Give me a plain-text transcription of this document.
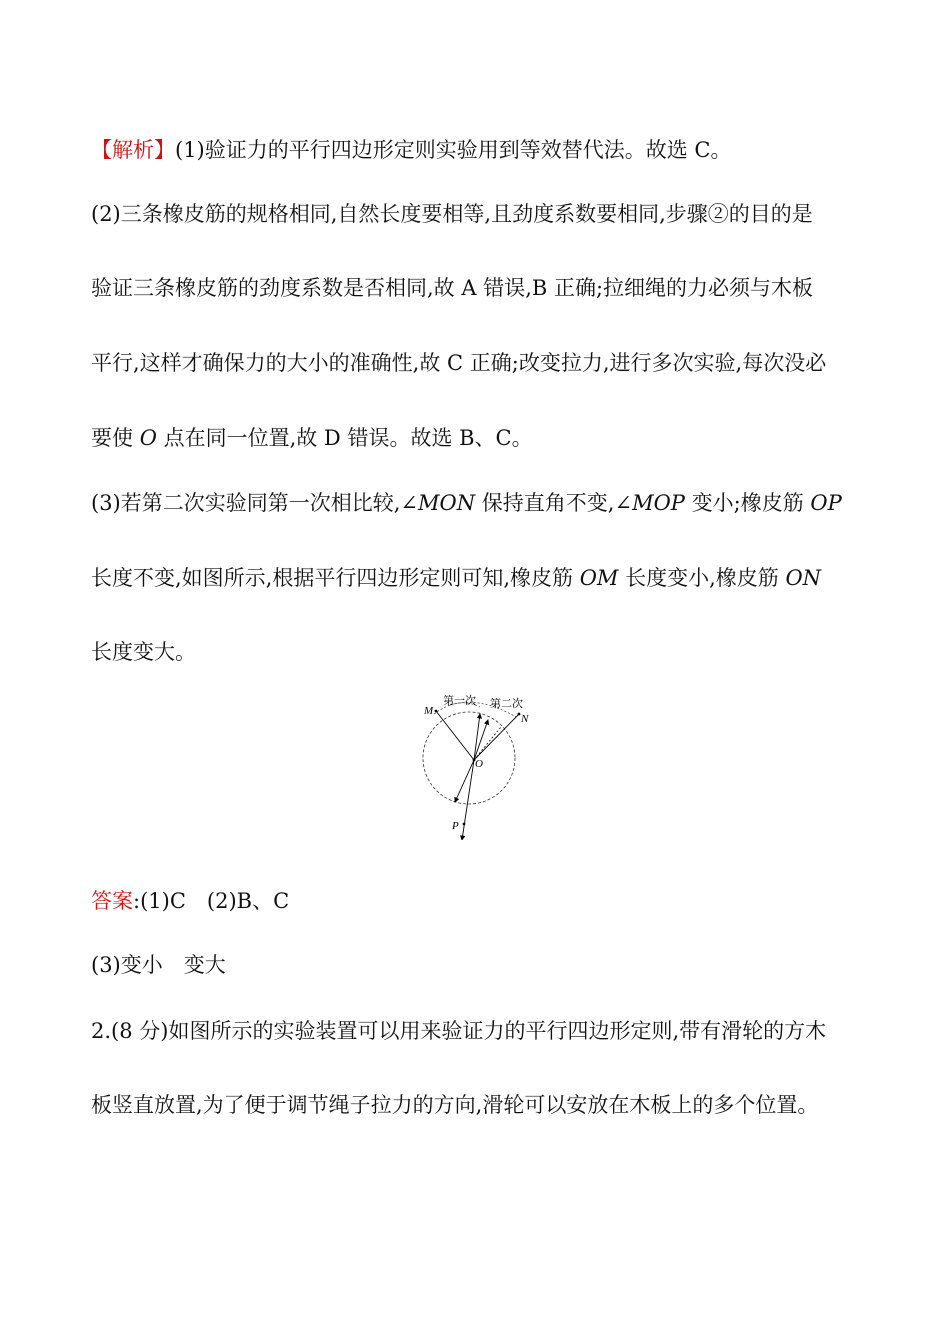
【解析】(1)验证力的平行四边形定则实验用到等效替代法。故选 C。
(2)三条橡皮筋的规格相同,自然长度要相等,且劲度系数要相同,步骤②的目的是
验证三条橡皮筋的劲度系数是否相同,故 A 错误,B 正确;拉细绳的力必须与木板
平行,这样才确保力的大小的准确性,故 C 正确;改变拉力,进行多次实验,每次没必
要使 O 点在同一位置,故 D 错误。故选 B、C。
(3)若第二次实验同第一次相比较,∠MON 保持直角不变,∠MOP 变小;橡皮筋 OP
长度不变,如图所示,根据平行四边形定则可知,橡皮筋 OM 长度变小,橡皮筋 ON
长度变大。
第一次 第二次
M
N
O
P
答案:(1)C　(2)B、C
(3)变小　变大
2.(8 分)如图所示的实验装置可以用来验证力的平行四边形定则,带有滑轮的方木
板竖直放置,为了便于调节绳子拉力的方向,滑轮可以安放在木板上的多个位置。
